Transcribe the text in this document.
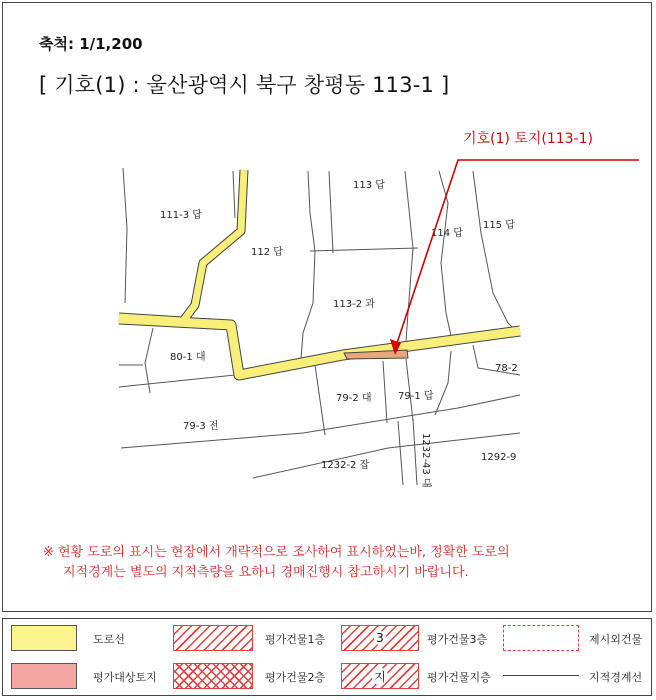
축척: 1/1,200
[ 기호(1) : 울산광역시 북구 창평동 113-1 ]
111-3 답
112 답
113 답
114 답
115 답
113-2 과
80-1 대
79-3 전
79-2 대	79-1 답
78-2
1232-43 대
1232-2 잡
1292-9
기호(1) 토지(113-1)
※ 현황 도로의 표시는 현장에서 개략적으로 조사하여 표시하였는바, 정확한 도로의
지적경계는 별도의 지적측량을 요하니 경매진행시 참고하시기 바랍니다.
도로선	평가건물1층	3	평가건물3층	제시외건물
평가대상토지	평가건물2층	지	평가건물지층	지적경계선
